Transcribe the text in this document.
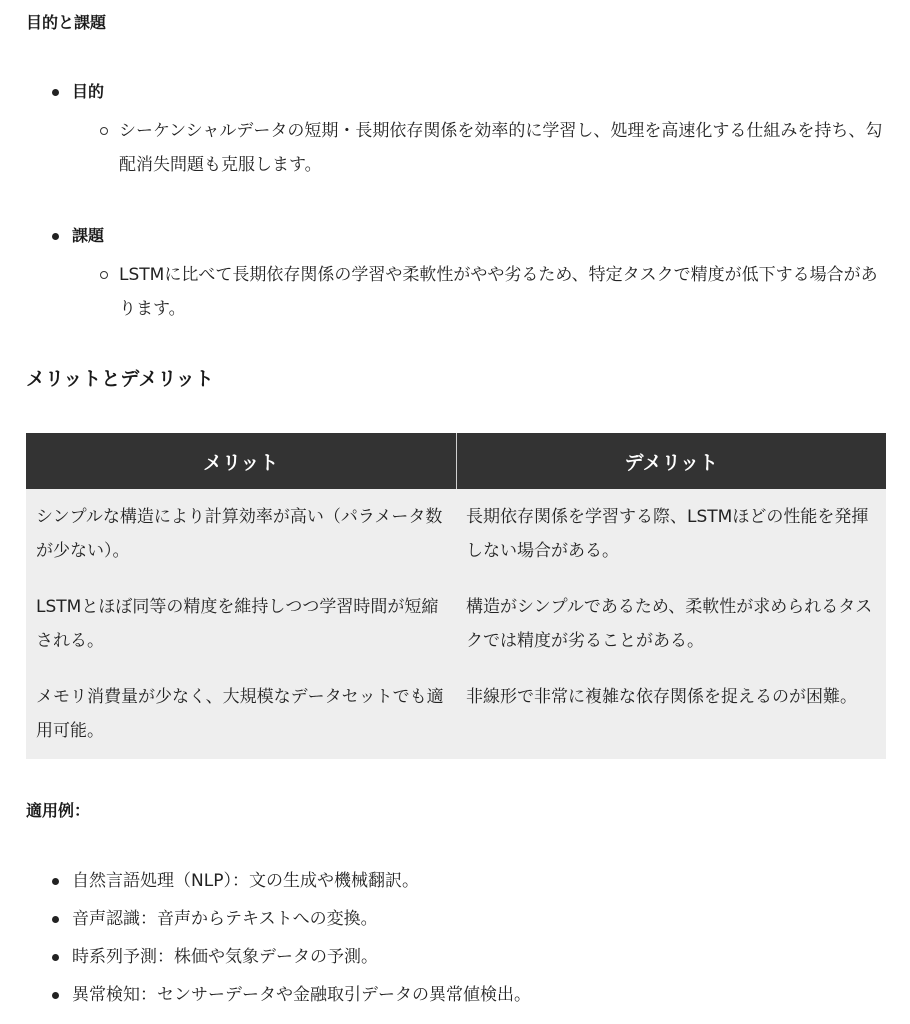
目的と課題
目的
シーケンシャルデータの短期・長期依存関係を効率的に学習し、処理を高速化する仕組みを持ち、勾配消失問題も克服します。
課題
LSTMに比べて長期依存関係の学習や柔軟性がやや劣るため、特定タスクで精度が低下する場合があります。
メリットとデメリット
メリット	デメリット
シンプルな構造により計算効率が高い（パラメータ数が少ない）。	長期依存関係を学習する際、LSTMほどの性能を発揮しない場合がある。
LSTMとほぼ同等の精度を維持しつつ学習時間が短縮される。	構造がシンプルであるため、柔軟性が求められるタスクでは精度が劣ることがある。
メモリ消費量が少なく、大規模なデータセットでも適用可能。	非線形で非常に複雑な依存関係を捉えるのが困難。
適用例：
自然言語処理（NLP）：文の生成や機械翻訳。
音声認識：音声からテキストへの変換。
時系列予測：株価や気象データの予測。
異常検知：センサーデータや金融取引データの異常値検出。
